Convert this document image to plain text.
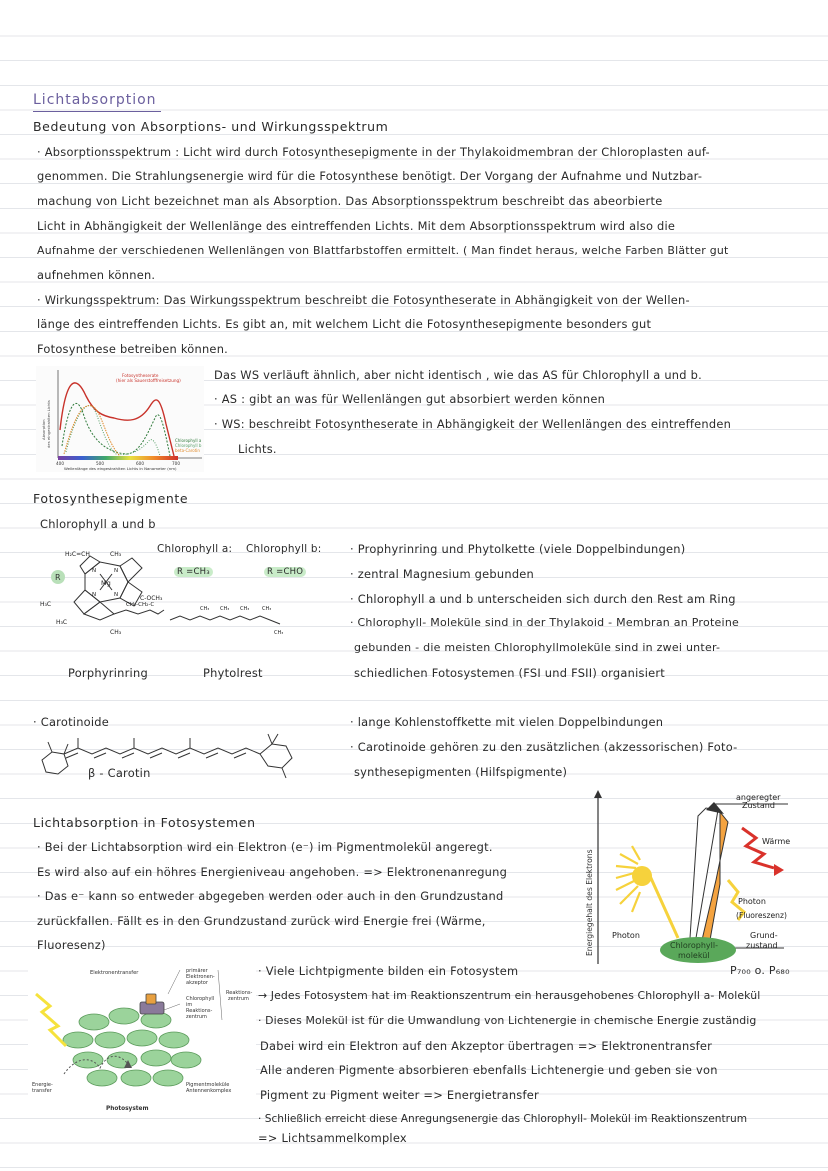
Lichtabsorption
Bedeutung von Absorptions- und Wirkungsspektrum
· Absorptionsspektrum : Licht wird durch Fotosynthesepigmente in der Thylakoidmembran der Chloroplasten auf-
genommen. Die Strahlungsenergie wird für die Fotosynthese benötigt. Der Vorgang der Aufnahme und Nutzbar-
machung von Licht bezeichnet man als Absorption. Das Absorptionsspektrum beschreibt das abeorbierte
Licht in Abhängigkeit der Wellenlänge des eintreffenden Lichts. Mit dem Absorptionsspektrum wird also die
Aufnahme der verschiedenen Wellenlängen von Blattfarbstoffen ermittelt. ( Man findet heraus, welche Farben Blätter gut
aufnehmen können.
· Wirkungsspektrum: Das Wirkungsspektrum beschreibt die Fotosyntheserate in Abhängigkeit von der Wellen-
länge des eintreffenden Lichts. Es gibt an, mit welchem Licht die Fotosynthesepigmente besonders gut
Fotosynthese betreiben können.
Fotosyntheserate
(hier als Sauerstofffreisetzung)
Chlorophyll a
Chlorophyll b
beta-Carotin
Absorption des eingestrahlten Lichts
400	500	600	700
Wellenlänge des eingestrahlten Lichts in Nanometer (nm)
Das WS verläuft ähnlich, aber nicht identisch , wie das AS für Chlorophyll a und b.
· AS : gibt an was für Wellenlängen gut absorbiert werden können
· WS: beschreibt Fotosyntheserate in Abhängigkeit der Wellenlängen des eintreffenden
Lichts.
Fotosynthesepigmente
Chlorophyll a und b
R
Mg
N	N
N	N
H₂C=CH	CH₃
H₃C
H₃C
C-OCH₃
CH₃
CH₂-CH₂-C
CH₃ CH₃ CH₃	CH₃
CH₃
Chlorophyll a: Chlorophyll b:
R =CH₃	R =CHO
Porphyrinring	Phytolrest
· Prophyrinring und Phytolkette (viele Doppelbindungen)
· zentral Magnesium gebunden
· Chlorophyll a und b unterscheiden sich durch den Rest am Ring
· Chlorophyll- Moleküle sind in der Thylakoid - Membran an Proteine
gebunden - die meisten Chlorophyllmoleküle sind in zwei unter-
schiedlichen Fotosystemen (FSI und FSII) organisiert
· Carotinoide
β - Carotin
· lange Kohlenstoffkette mit vielen Doppelbindungen
· Carotinoide gehören zu den zusätzlichen (akzessorischen) Foto-
synthesepigmenten (Hilfspigmente)
Lichtabsorption in Fotosystemen
· Bei der Lichtabsorption wird ein Elektron (e⁻) im Pigmentmolekül angeregt.
Es wird also auf ein höhres Energieniveau angehoben. => Elektronenanregung
· Das e⁻ kann so entweder abgegeben werden oder auch in den Grundzustand
zurückfallen. Fällt es in den Grundzustand zurück wird Energie frei (Wärme,
Fluoresenz)	Energiegehalt des Elektrons
angeregter
Zustand
Wärme
Photon
(Fluoreszenz)
Grund-
zustand
Photon
Chlorophyll-
molekül
P₇₀₀ o. P₆₈₀
Elektronentransfer	primärer
Elektronen-
akzeptor
Chlorophyll
im
Reaktions-
zentrum
Reaktions-
zentrum
Energie-
transfer
Pigmentmoleküle
Antennenkomplex
Photosystem
· Viele Lichtpigmente bilden ein Fotosystem
→ Jedes Fotosystem hat im Reaktionszentrum ein herausgehobenes Chlorophyll a- Molekül
· Dieses Molekül ist für die Umwandlung von Lichtenergie in chemische Energie zuständig
Dabei wird ein Elektron auf den Akzeptor übertragen => Elektronentransfer
Alle anderen Pigmente absorbieren ebenfalls Lichtenergie und geben sie von
Pigment zu Pigment weiter => Energietransfer
· Schließlich erreicht diese Anregungsenergie das Chlorophyll- Molekül im Reaktionszentrum
=> Lichtsammelkomplex
